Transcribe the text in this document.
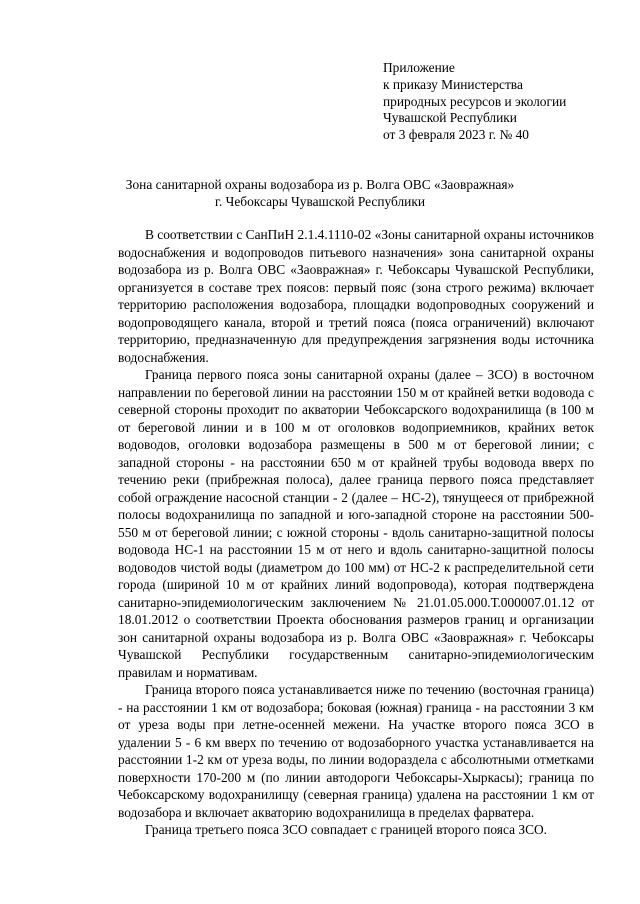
Приложение
к приказу Министерства
природных ресурсов и экологии
Чувашской Республики
от 3 февраля 2023 г. № 40
Зона санитарной охраны водозабора из р. Волга ОВС «Заовражная»
г. Чебоксары Чувашской Республики

В соответствии с СанПиН 2.1.4.1110-02 «Зоны санитарной охраны источников водоснабжения и водопроводов питьевого назначения» зона санитарной охраны водозабора из р. Волга ОВС «Заовражная» г. Чебоксары Чувашской Республики, организуется в составе трех поясов: первый пояс (зона строго режима) включает территорию расположения водозабора, площадки водопроводных сооружений и водопроводящего канала, второй и третий пояса (пояса ограничений) включают территорию, предназначенную для предупреждения загрязнения воды источника водоснабжения.

Граница первого пояса зоны санитарной охраны (далее – ЗСО) в восточном направлении по береговой линии на расстоянии 150 м от крайней ветки водовода с северной стороны проходит по акватории Чебоксарского водохранилища (в 100 м от береговой линии и в 100 м от оголовков водоприемников, крайних веток водоводов, оголовки водозабора размещены в 500 м от береговой линии; с западной стороны - на расстоянии 650 м от крайней трубы водовода вверх по течению реки (прибрежная полоса), далее граница первого пояса представляет собой ограждение насосной станции - 2 (далее – НС-2), тянущееся от прибрежной полосы водохранилища по западной и юго-западной стороне на расстоянии 500-550 м от береговой линии; с южной стороны - вдоль санитарно-защитной полосы водовода НС-1 на расстоянии 15 м от него и вдоль санитарно-защитной полосы водоводов чистой воды (диаметром до 100 мм) от НС-2 к распределительной сети города (шириной 10 м от крайних линий водопровода), которая подтверждена санитарно-эпидемиологическим заключением № 21.01.05.000.Т.000007.01.12 от 18.01.2012 о соответствии Проекта обоснования размеров границ и организации зон санитарной охраны водозабора из р. Волга ОВС «Заовражная» г. Чебоксары Чувашской Республики государственным санитарно-эпидемиологическим правилам и нормативам.

Граница второго пояса устанавливается ниже по течению (восточная граница) - на расстоянии 1 км от водозабора; боковая (южная) граница - на расстоянии 3 км от уреза воды при летне-осенней межени. На участке второго пояса ЗСО в удалении 5 - 6 км вверх по течению от водозаборного участка устанавливается на расстоянии 1-2 км от уреза воды, по линии водораздела с абсолютными отметками поверхности 170-200 м (по линии автодороги Чебоксары-Хыркасы); граница по Чебоксарскому водохранилищу (северная граница) удалена на расстоянии 1 км от водозабора и включает акваторию водохранилища в пределах фарватера.

Граница третьего пояса ЗСО совпадает с границей второго пояса ЗСО.
